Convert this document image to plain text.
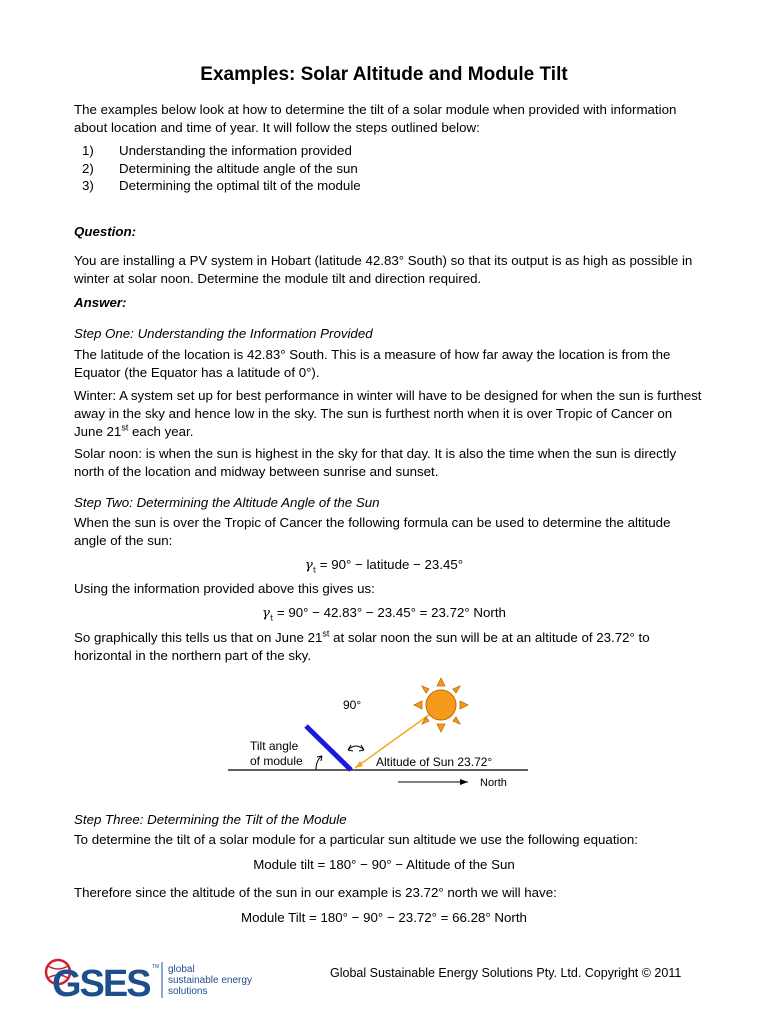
Examples: Solar Altitude and Module Tilt

The examples below look at how to determine the tilt of a solar module when provided with information about location and time of year. It will follow the steps outlined below:

1) Understanding the information provided
2) Determining the altitude angle of the sun
3) Determining the optimal tilt of the module

Question:

You are installing a PV system in Hobart (latitude 42.83° South) so that its output is as high as possible in winter at solar noon. Determine the module tilt and direction required.

Answer:

Step One: Understanding the Information Provided

The latitude of the location is 42.83° South. This is a measure of how far away the location is from the Equator (the Equator has a latitude of 0°).

Winter: A system set up for best performance in winter will have to be designed for when the sun is furthest away in the sky and hence low in the sky. The sun is furthest north when it is over Tropic of Cancer on June 21st each year.

Solar noon: is when the sun is highest in the sky for that day. It is also the time when the sun is directly north of the location and midway between sunrise and sunset.

Step Two: Determining the Altitude Angle of the Sun

When the sun is over the Tropic of Cancer the following formula can be used to determine the altitude angle of the sun:

$\gamma_t = 90^\circ$ − latitude − 23.45°

Using the information provided above this gives us:

$\gamma_t = 90^\circ - 42.83^\circ - 23.45^\circ = 23.72^\circ$ North

So graphically this tells us that on June 21st at solar noon the sun will be at an altitude of 23.72° to horizontal in the northern part of the sky.

90°
Tilt angle
of module	Altitude of Sun 23.72°
North

Step Three: Determining the Tilt of the Module

To determine the tilt of a solar module for a particular sun altitude we use the following equation:

Module tilt = 180° − 90° − Altitude of the Sun

Therefore since the altitude of the sun in our example is 23.72° north we will have:

Module Tilt = 180° − 90° − 23.72° = 66.28° North
GSES TM global
sustainable energy
solutions
Global Sustainable Energy Solutions Pty. Ltd. Copyright © 2011
